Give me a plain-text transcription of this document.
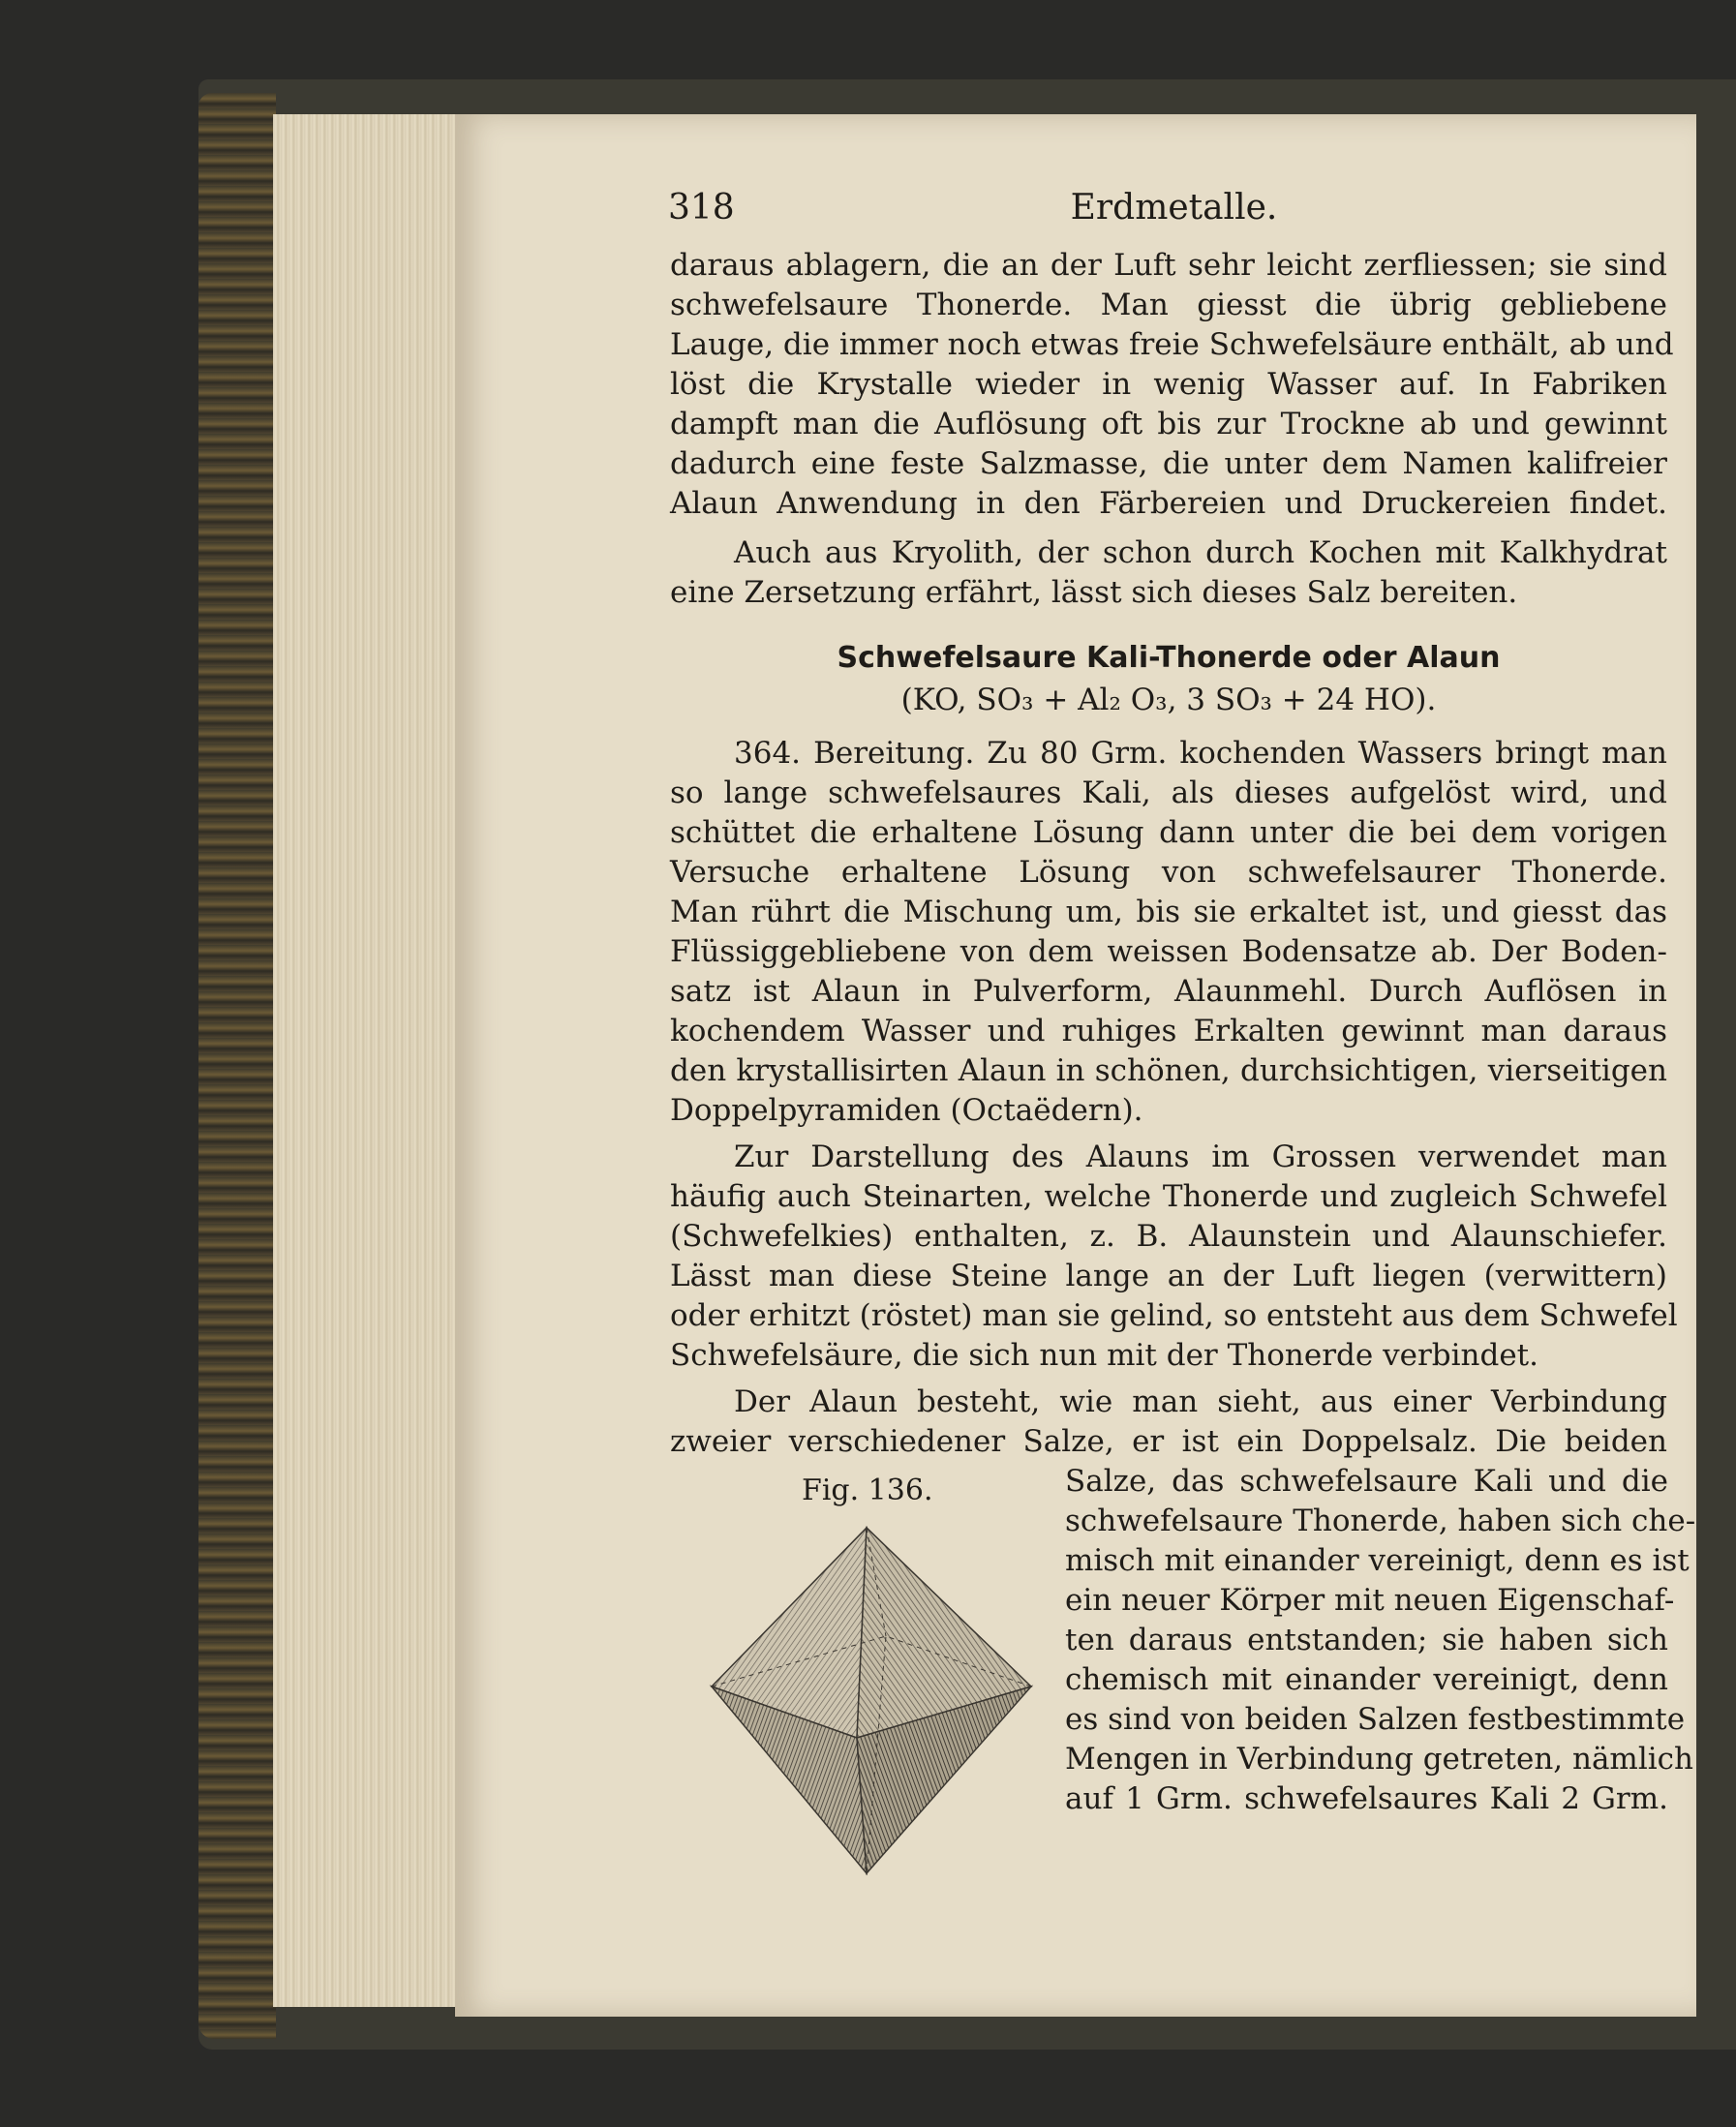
318	Erdmetalle.
daraus ablagern, die an der Luft sehr leicht zerfliessen; sie sind
schwefelsaure Thonerde. Man giesst die übrig gebliebene
Lauge, die immer noch etwas freie Schwefelsäure enthält, ab und
löst die Krystalle wieder in wenig Wasser auf. In Fabriken
dampft man die Auflösung oft bis zur Trockne ab und gewinnt
dadurch eine feste Salzmasse, die unter dem Namen kalifreier
Alaun Anwendung in den Färbereien und Druckereien findet.
Auch aus Kryolith, der schon durch Kochen mit Kalkhydrat
eine Zersetzung erfährt, lässt sich dieses Salz bereiten.
Schwefelsaure Kali-Thonerde oder Alaun
(KO, SO₃ + Al₂ O₃, 3 SO₃ + 24 HO).
364. Bereitung. Zu 80 Grm. kochenden Wassers bringt man
so lange schwefelsaures Kali, als dieses aufgelöst wird, und
schüttet die erhaltene Lösung dann unter die bei dem vorigen
Versuche erhaltene Lösung von schwefelsaurer Thonerde.
Man rührt die Mischung um, bis sie erkaltet ist, und giesst das
Flüssiggebliebene von dem weissen Bodensatze ab. Der Boden-
satz ist Alaun in Pulverform, Alaunmehl. Durch Auflösen in
kochendem Wasser und ruhiges Erkalten gewinnt man daraus
den krystallisirten Alaun in schönen, durchsichtigen, vierseitigen
Doppelpyramiden (Octaëdern).
Zur Darstellung des Alauns im Grossen verwendet man
häufig auch Steinarten, welche Thonerde und zugleich Schwefel
(Schwefelkies) enthalten, z. B. Alaunstein und Alaunschiefer.
Lässt man diese Steine lange an der Luft liegen (verwittern)
oder erhitzt (röstet) man sie gelind, so entsteht aus dem Schwefel
Schwefelsäure, die sich nun mit der Thonerde verbindet.
Der Alaun besteht, wie man sieht, aus einer Verbindung
zweier verschiedener Salze, er ist ein Doppelsalz. Die beiden
Salze, das schwefelsaure Kali und die
schwefelsaure Thonerde, haben sich che-
misch mit einander vereinigt, denn es ist
ein neuer Körper mit neuen Eigenschaf-
ten daraus entstanden; sie haben sich
chemisch mit einander vereinigt, denn
es sind von beiden Salzen festbestimmte
Mengen in Verbindung getreten, nämlich
auf 1 Grm. schwefelsaures Kali 2 Grm.
Fig. 136.
